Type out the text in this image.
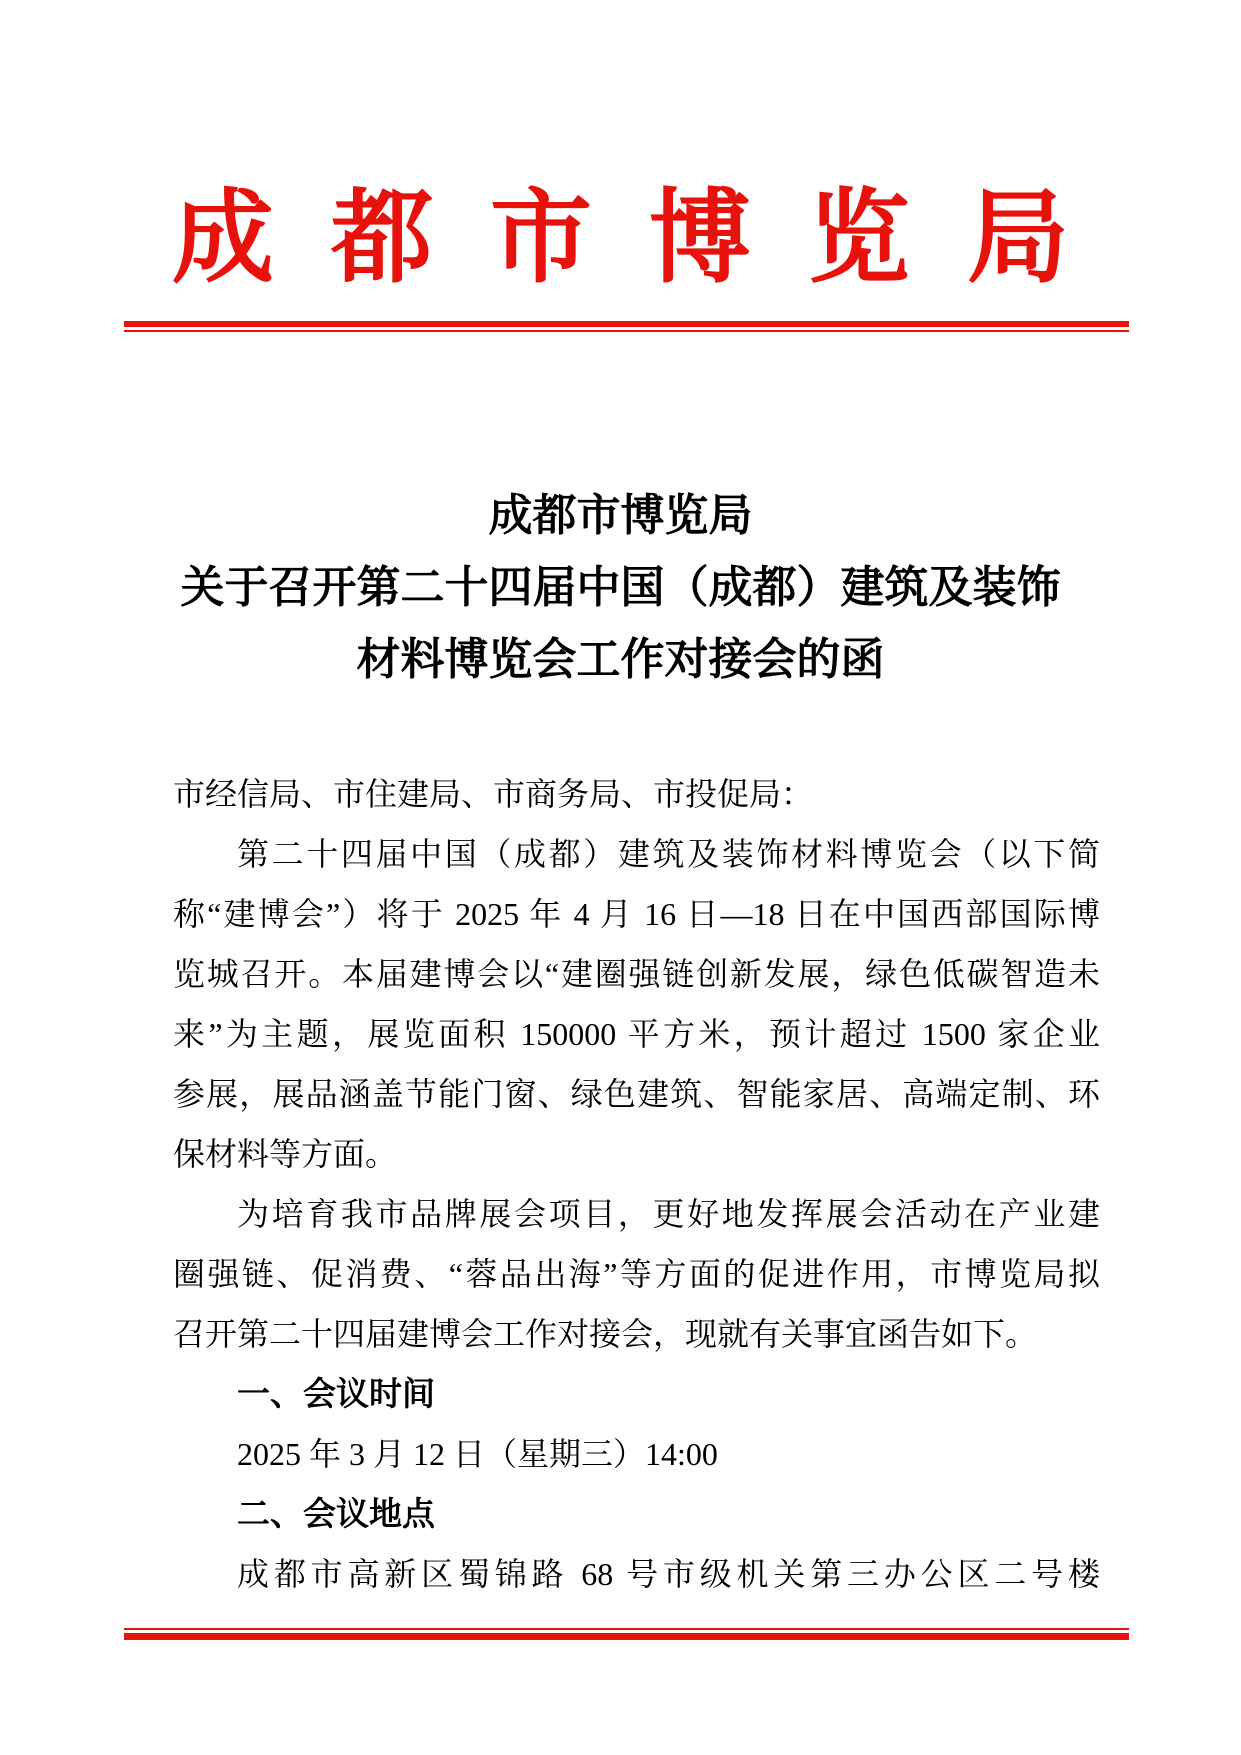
成都市博览局
成都市博览局
关于召开第二十四届中国（成都）建筑及装饰
材料博览会工作对接会的函
市经信局、市住建局、市商务局、市投促局：
第二十四届中国（成都）建筑及装饰材料博览会（以下简
称“建博会”）将于 2025 年 4 月 16 日—18 日在中国西部国际博
览城召开。本届建博会以“建圈强链创新发展，绿色低碳智造未
来”为主题，展览面积 150000 平方米，预计超过 1500 家企业
参展，展品涵盖节能门窗、绿色建筑、智能家居、高端定制、环
保材料等方面。
为培育我市品牌展会项目，更好地发挥展会活动在产业建
圈强链、促消费、“蓉品出海”等方面的促进作用，市博览局拟
召开第二十四届建博会工作对接会，现就有关事宜函告如下。
一、会议时间
2025 年 3 月 12 日（星期三）14:00
二、会议地点
成都市高新区蜀锦路 68 号市级机关第三办公区二号楼
